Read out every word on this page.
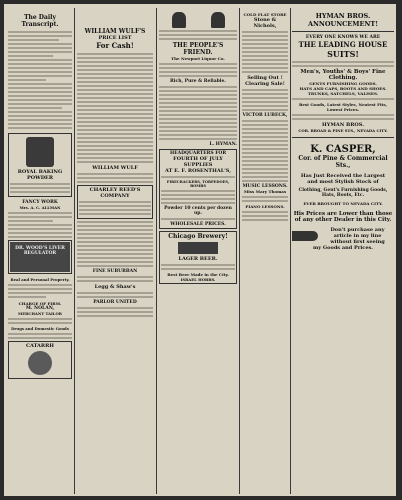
The Daily Transcript.
ROYAL BAKING POWDER
FANCY WORK
Mrs. A. C. ALLMAN
DR. WOOD'S LIVER REGULATOR
Real and Personal Property.
CHARGE OF FIRM.
M. NOLAN,
MERCHANT TAILOR
Drugs and Domestic Goods
CATARRH
WILLIAM WULF'S
PRICE LIST
For Cash!
WILLIAM WULF
CHARLEY REED'S
COMPANY
FINE SUBURBAN
Legg & Shaw's
PARLOR UNITED
THE PEOPLE'S FRIEND.
The Newport Liquor Co.
Rich, Pure & Reliable.
L. HYMAN.
HEADQUARTERS FOR
FOURTH OF JULY SUPPLIES
AT E. F. ROSENTHAL'S,
FIRECRACKERS, TORPEDOES, BOMBS
Powder 10 cents per dozen up.
WHOLESALE PRICES.
Chicago Brewery!
LAGER BEER.
Best Beer Made in the City.
ISRAEL HOBBS.
COLD FLAT STORE
Stone & Nichols,
Selling Out ! Clearing Sale!
VICTOR LUBECK,
MUSIC LESSONS.
Miss Mary Thomas
PIANO LESSONS.
HYMAN BROS. ANNOUNCEMENT!
EVERY ONE KNOWS WE ARE
THE LEADING HOUSE
SUITS!
Men's, Youths' & Boys' Fine Clothing.
GENTS FURNISHING GOODS.
HATS AND CAPS, BOOTS AND SHOES.
TRUNKS, SATCHELS, VALISES.
Best Goods, Latest Styles, Neatest Fits, Lowest Prices.
HYMAN BROS.
COR. BROAD & PINE STS., NEVADA CITY.
K. CASPER,
Cor. of Pine & Commercial Sts.,
Has Just Received the Largest
and most Stylish Stock of
Clothing, Gent's Furnishing Goods, Hats, Boots, Etc.
EVER BROUGHT TO NEVADA CITY.
His Prices are Lower than those
of any other Dealer in this City.
Don't purchase any
article in my line
without first seeing
my Goods and Prices.
